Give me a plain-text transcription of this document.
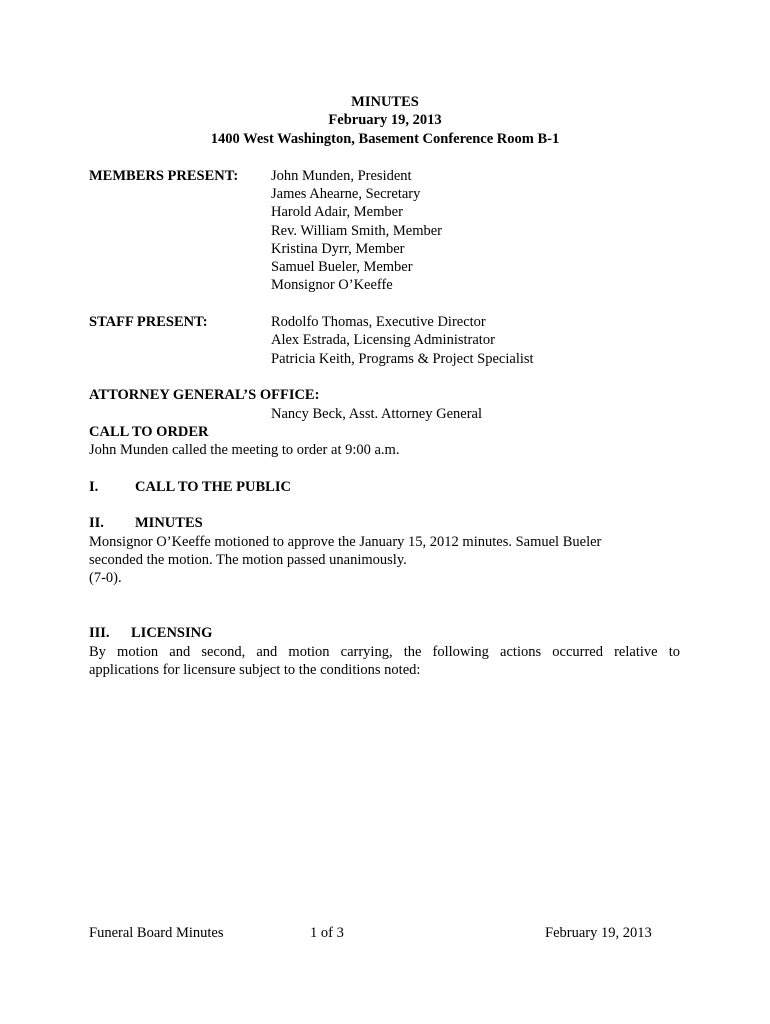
MINUTES
February 19, 2013
1400 West Washington, Basement Conference Room B-1
MEMBERS PRESENT: John Munden, President
James Ahearne, Secretary
Harold Adair, Member
Rev. William Smith, Member
Kristina Dyrr, Member
Samuel Bueler, Member
Monsignor O’Keeffe
STAFF PRESENT:	Rodolfo Thomas, Executive Director
Alex Estrada, Licensing Administrator
Patricia Keith, Programs & Project Specialist
ATTORNEY GENERAL’S OFFICE:
Nancy Beck, Asst. Attorney General
CALL TO ORDER
John Munden called the meeting to order at 9:00 a.m.
I.	CALL TO THE PUBLIC
II. MINUTES
Monsignor O’Keeffe motioned to approve the January 15, 2012 minutes. Samuel Bueler
seconded the motion. The motion passed unanimously.
(7-0).
III. LICENSING
By motion and second, and motion carrying, the following actions occurred relative to
applications for licensure subject to the conditions noted:
Funeral Board Minutes	1 of 3	February 19, 2013
